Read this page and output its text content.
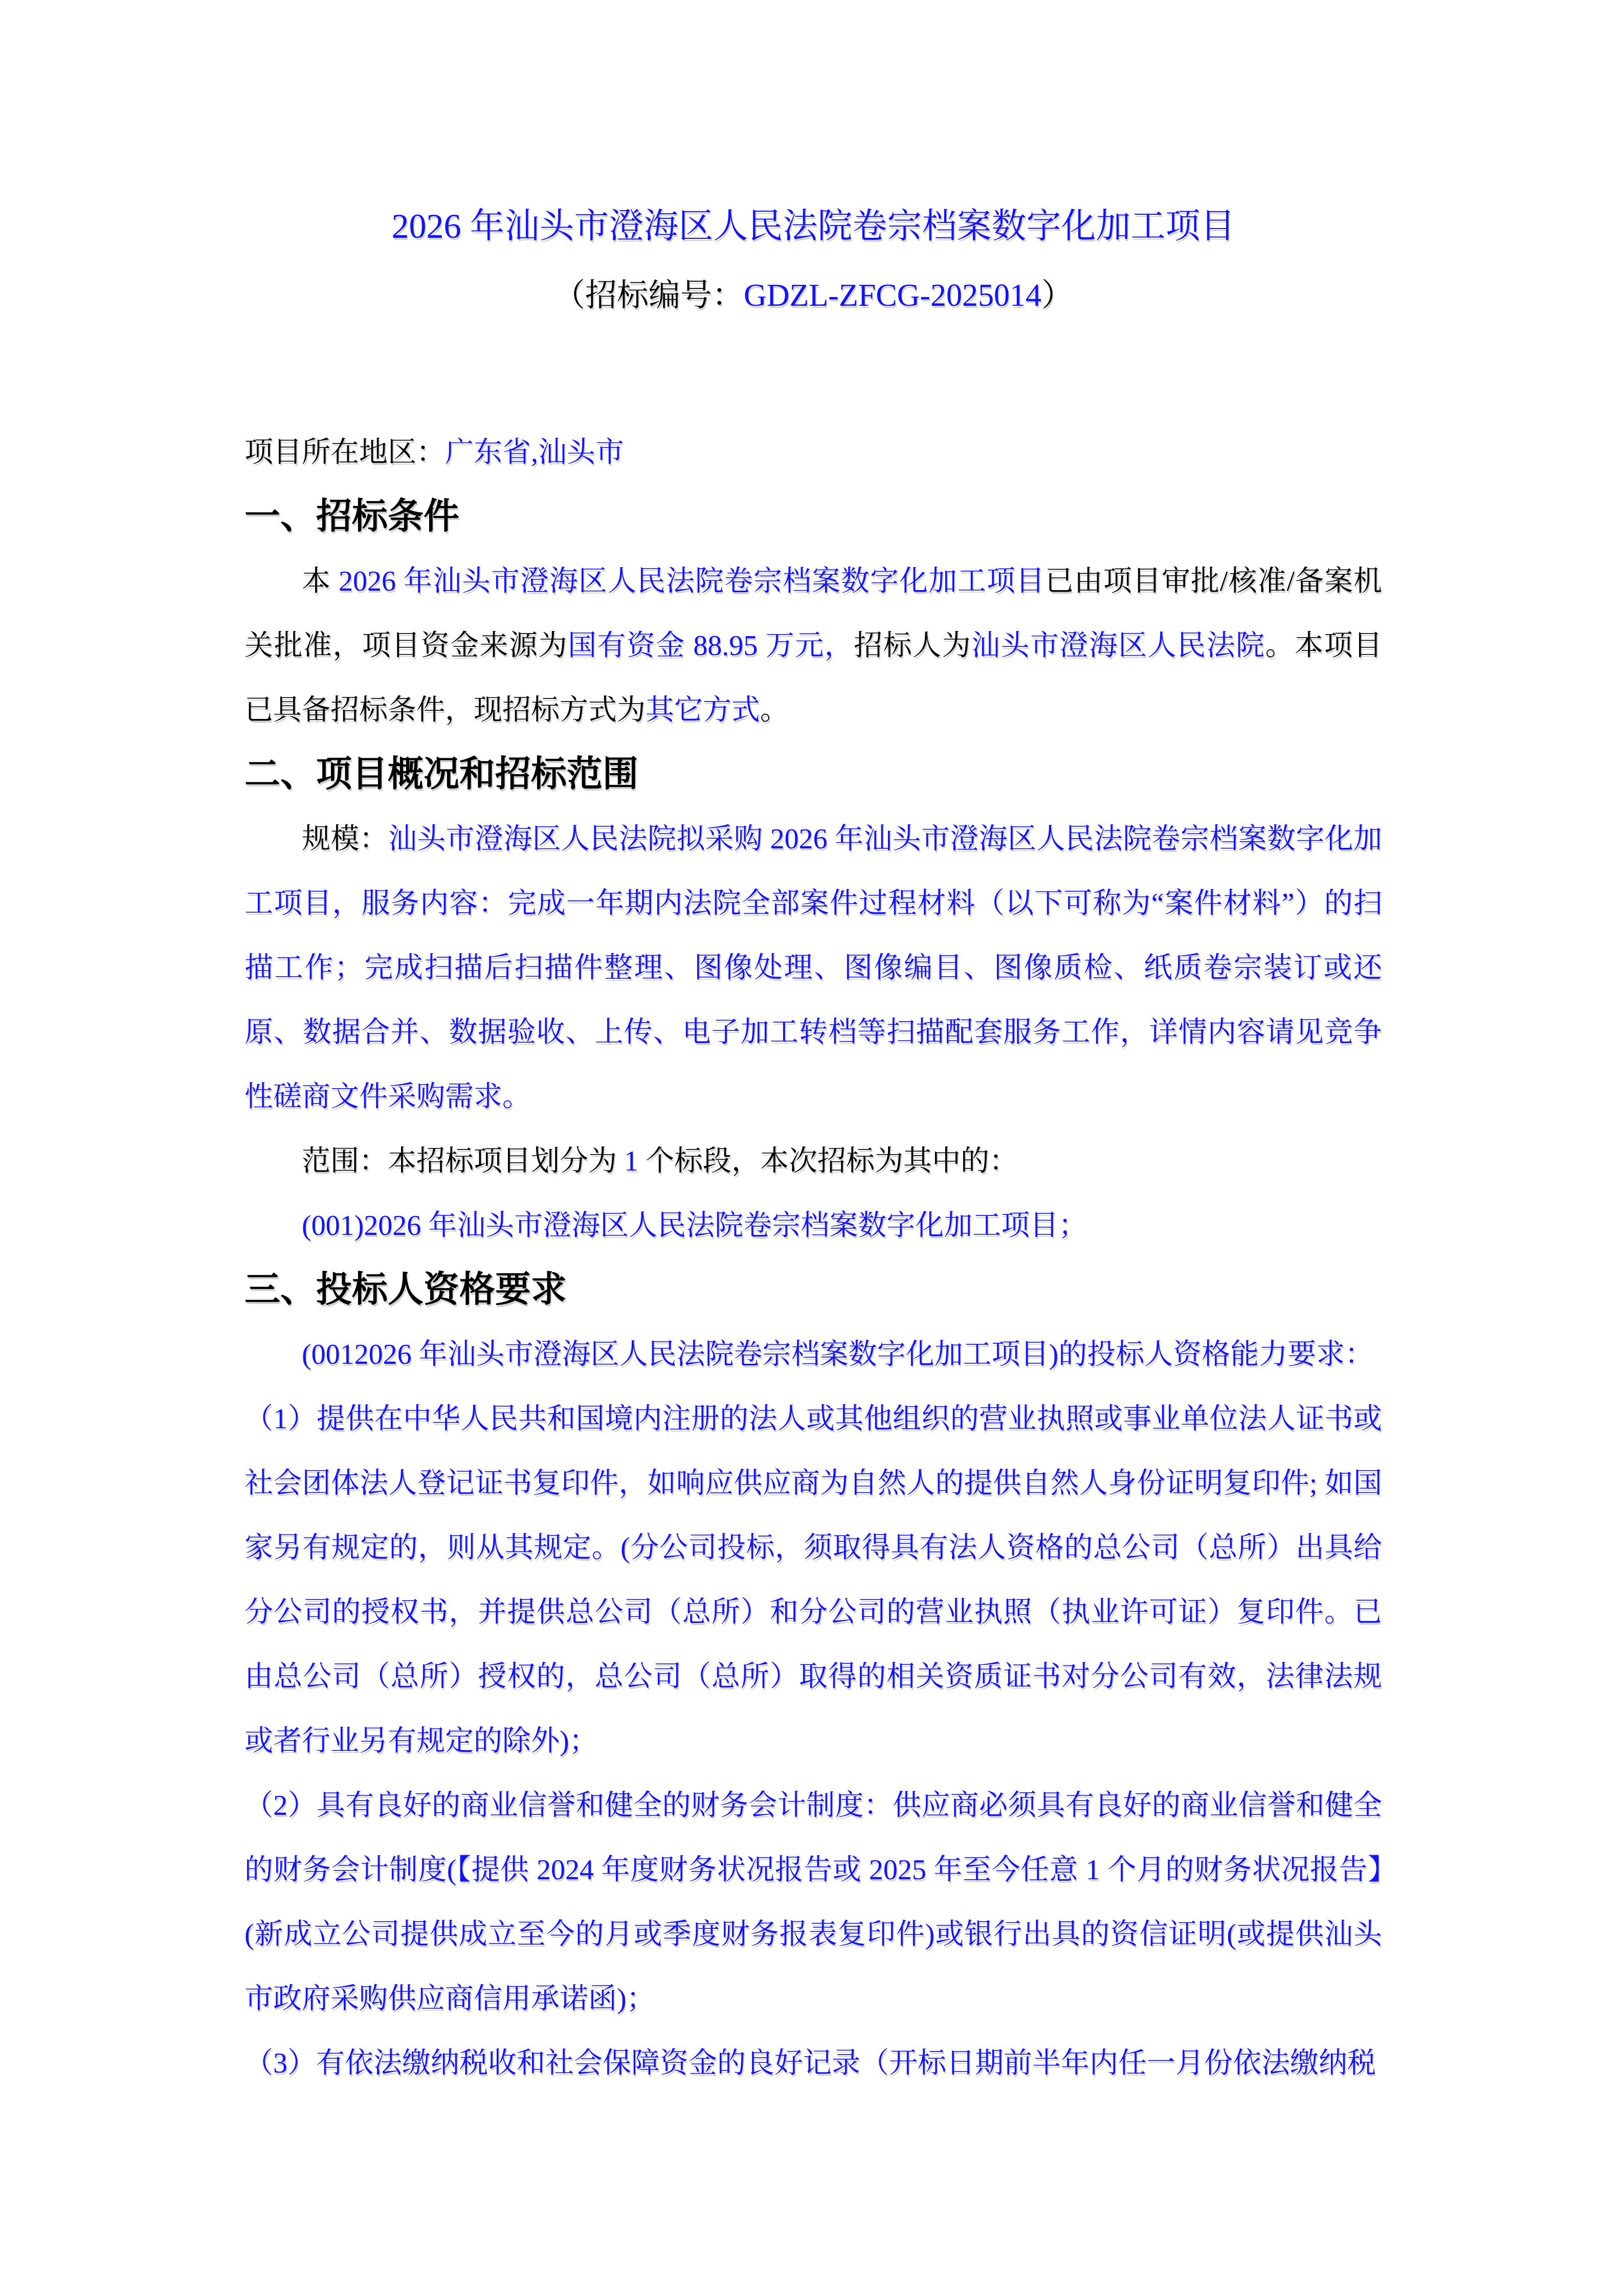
2026 年汕头市澄海区人民法院卷宗档案数字化加工项目
（招标编号：GDZL-ZFCG-2025014）

项目所在地区：广东省,汕头市

一、招标条件

本 2026 年汕头市澄海区人民法院卷宗档案数字化加工项目已由项目审批/核准/备案机关批准，项目资金来源为国有资金 88.95 万元，招标人为汕头市澄海区人民法院。本项目已具备招标条件，现招标方式为其它方式。

二、项目概况和招标范围

规模：汕头市澄海区人民法院拟采购 2026 年汕头市澄海区人民法院卷宗档案数字化加工项目，服务内容：完成一年期内法院全部案件过程材料（以下可称为“案件材料”）的扫描工作；完成扫描后扫描件整理、图像处理、图像编目、图像质检、纸质卷宗装订或还原、数据合并、数据验收、上传、电子加工转档等扫描配套服务工作，详情内容请见竞争性磋商文件采购需求。

范围：本招标项目划分为 1 个标段，本次招标为其中的：

(001)2026 年汕头市澄海区人民法院卷宗档案数字化加工项目；

三、投标人资格要求

(0012026 年汕头市澄海区人民法院卷宗档案数字化加工项目)的投标人资格能力要求：

（1）提供在中华人民共和国境内注册的法人或其他组织的营业执照或事业单位法人证书或社会团体法人登记证书复印件，如响应供应商为自然人的提供自然人身份证明复印件; 如国家另有规定的，则从其规定。(分公司投标，须取得具有法人资格的总公司（总所）出具给分公司的授权书，并提供总公司（总所）和分公司的营业执照（执业许可证）复印件。已由总公司（总所）授权的，总公司（总所）取得的相关资质证书对分公司有效，法律法规或者行业另有规定的除外)；

（2）具有良好的商业信誉和健全的财务会计制度：供应商必须具有良好的商业信誉和健全的财务会计制度(【提供 2024 年度财务状况报告或 2025 年至今任意 1 个月的财务状况报告】(新成立公司提供成立至今的月或季度财务报表复印件)或银行出具的资信证明(或提供汕头市政府采购供应商信用承诺函)；

（3）有依法缴纳税收和社会保障资金的良好记录（开标日期前半年内任一月份依法缴纳税
